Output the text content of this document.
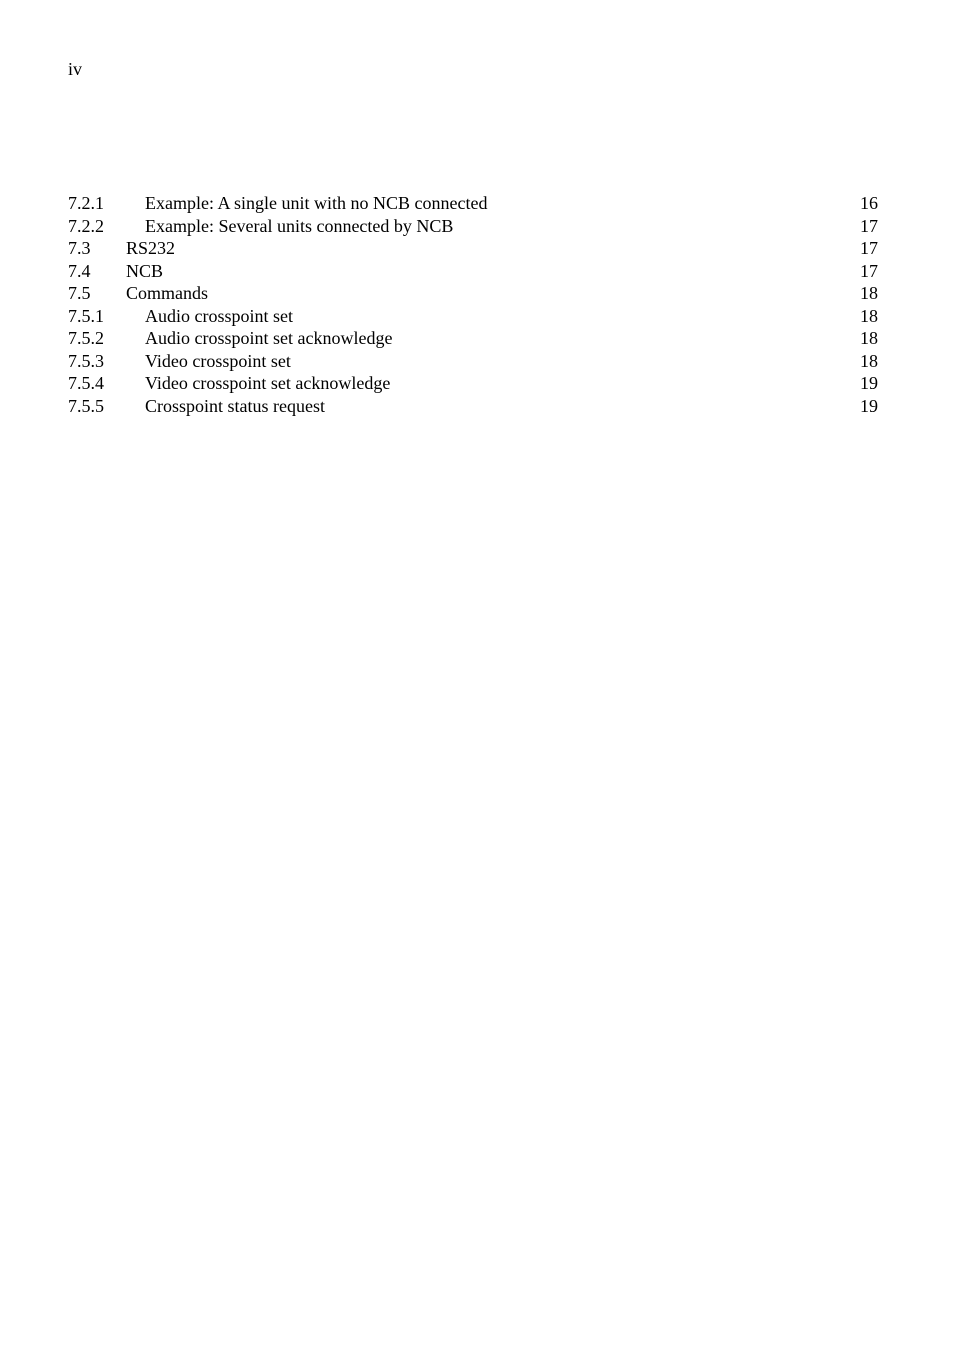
iv
7.2.1 Example: A single unit with no NCB connected	16
7.2.2 Example: Several units connected by NCB	17
7.3 RS232	17
7.4 NCB	17
7.5 Commands	18
7.5.1 Audio crosspoint set	18
7.5.2 Audio crosspoint set acknowledge	18
7.5.3 Video crosspoint set	18
7.5.4 Video crosspoint set acknowledge	19
7.5.5 Crosspoint status request	19
